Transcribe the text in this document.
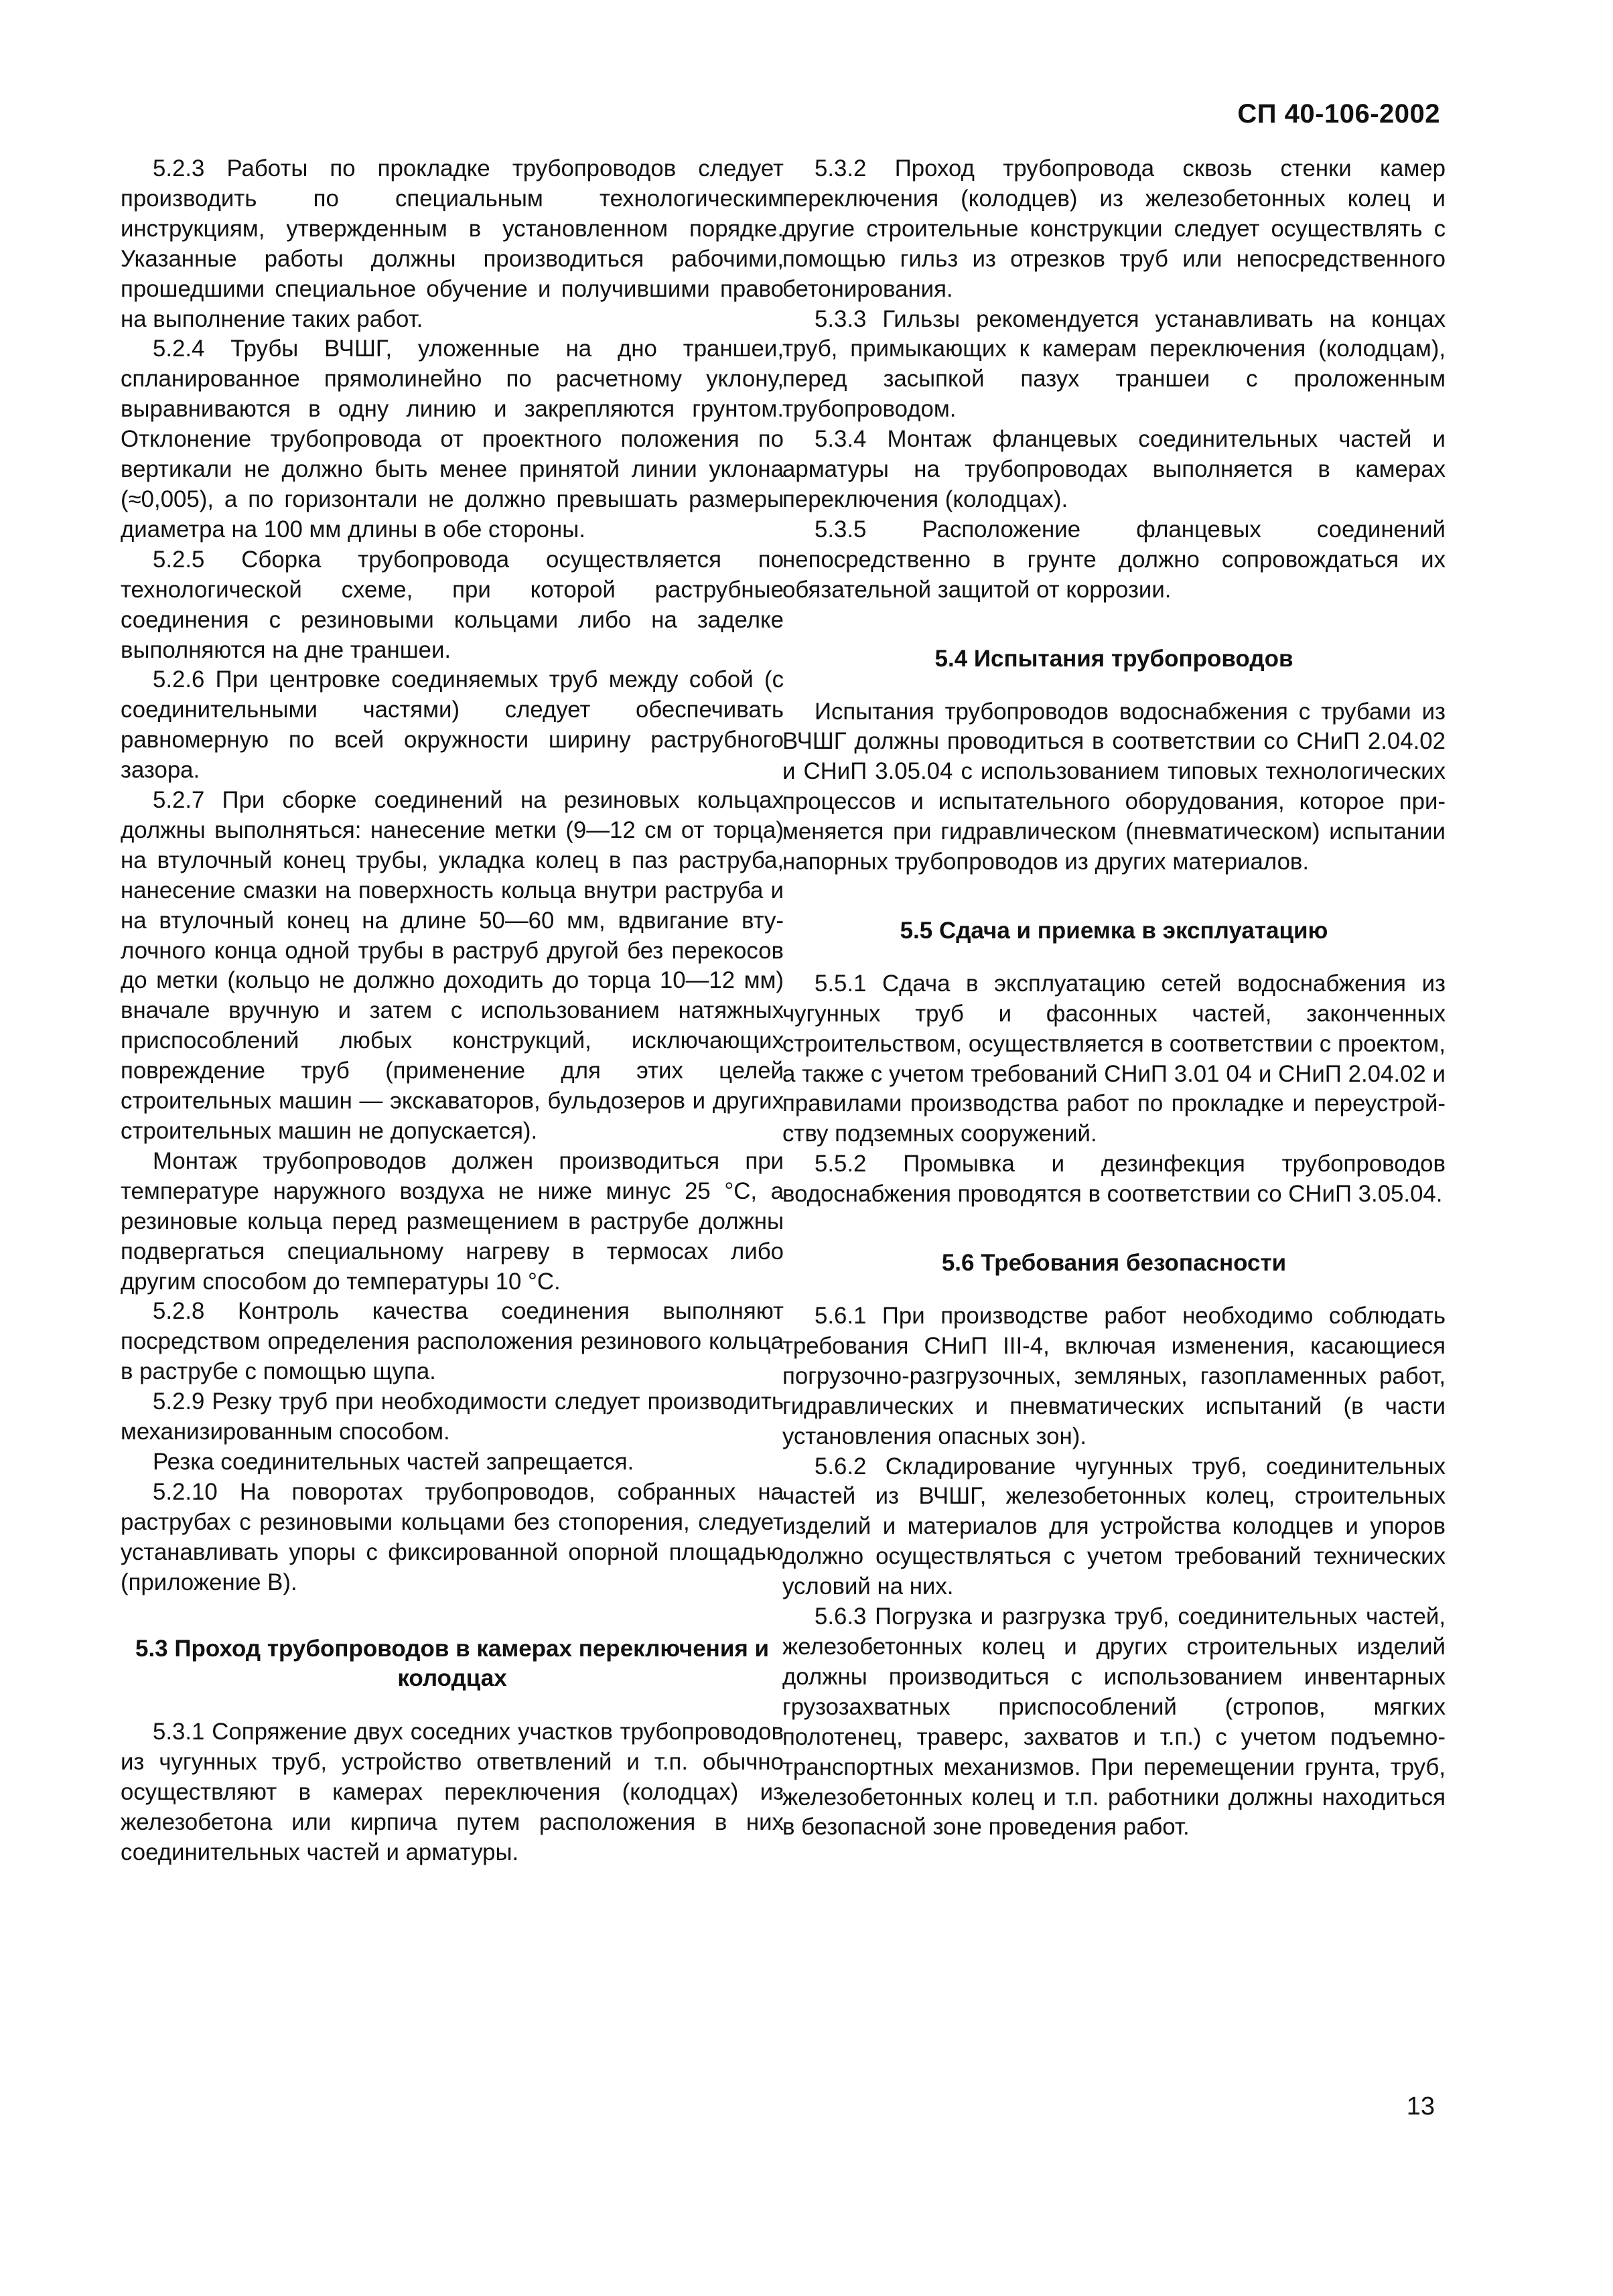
СП 40-106-2002

5.2.3 Работы по прокладке трубопроводов следует производить по специальным технологическим инструкциям, утвержденным в установленном порядке. Указанные работы должны производиться рабочими, прошедшими специальное обучение и получившими право на выполнение таких работ.

5.2.4 Трубы ВЧШГ, уложенные на дно траншеи, спланированное прямолинейно по расчетному уклону, выравниваются в одну линию и закрепляются грунтом. Отклонение трубопровода от проектного положения по вертикали не должно быть менее принятой линии уклона (≈0,005), а по горизонтали не должно превышать размеры диаметра на 100 мм длины в обе стороны.

5.2.5 Сборка трубопровода осуществляется по технологической схеме, при которой раструбные соединения с резиновыми кольцами либо на заделке выполняются на дне траншеи.

5.2.6 При центровке соединяемых труб между собой (с соединительными частями) следует обеспечивать равномерную по всей окружности ширину раструбного зазора.

5.2.7 При сборке соединений на резиновых кольцах должны выполняться: нанесение метки (9—12 см от торца) на втулочный конец трубы, укладка колец в паз раструба, нанесение смазки на поверхность кольца внутри раструба и на втулочный конец на длине 50—60 мм, вдвигание втулочного конца одной трубы в раструб другой без перекосов до метки (кольцо не должно доходить до торца 10—12 мм) вначале вручную и затем с использованием натяжных приспособлений любых конструкций, исключающих повреждение труб (применение для этих целей строительных машин — экскаваторов, бульдозеров и других строительных машин не допускается).

Монтаж трубопроводов должен производиться при температуре наружного воздуха не ниже минус 25 °С, а резиновые кольца перед размещением в раструбе должны подвергаться специальному нагреву в термосах либо другим способом до температуры 10 °С.

5.2.8 Контроль качества соединения выполняют посредством определения расположения резинового кольца в раструбе с помощью щупа.

5.2.9 Резку труб при необходимости следует производить механизированным способом.

Резка соединительных частей запрещается.

5.2.10 На поворотах трубопроводов, собранных на раструбах с резиновыми кольцами без стопорения, следует устанавливать упоры с фиксированной опорной площадью (приложение В).

5.3 Проход трубопроводов в камерах переключения и колодцах

5.3.1 Сопряжение двух соседних участков трубопроводов из чугунных труб, устройство ответвлений и т.п. обычно осуществляют в камерах переключения (колодцах) из железобетона или кирпича путем расположения в них соединительных частей и арматуры.

5.3.2 Проход трубопровода сквозь стенки камер переключения (колодцев) из железобетонных колец и другие строительные конструкции следует осуществлять с помощью гильз из отрезков труб или непосредственного бетонирования.

5.3.3 Гильзы рекомендуется устанавливать на концах труб, примыкающих к камерам переключения (колодцам), перед засыпкой пазух траншеи с проложенным трубопроводом.

5.3.4 Монтаж фланцевых соединительных частей и арматуры на трубопроводах выполняется в камерах переключения (колодцах).

5.3.5 Расположение фланцевых соединений непосредственно в грунте должно сопровождаться их обязательной защитой от коррозии.

5.4 Испытания трубопроводов

Испытания трубопроводов водоснабжения с трубами из ВЧШГ должны проводиться в соответствии со СНиП 2.04.02 и СНиП 3.05.04 с использованием типовых технологических процессов и испытательного оборудования, которое применяется при гидравлическом (пневматическом) испытании напорных трубопроводов из других материалов.

5.5 Сдача и приемка в эксплуатацию

5.5.1 Сдача в эксплуатацию сетей водоснабжения из чугунных труб и фасонных частей, законченных строительством, осуществляется в соответствии с проектом, а также с учетом требований СНиП 3.01 04 и СНиП 2.04.02 и правилами производства работ по прокладке и переустройству подземных сооружений.

5.5.2 Промывка и дезинфекция трубопроводов водоснабжения проводятся в соответствии со СНиП 3.05.04.

5.6 Требования безопасности

5.6.1 При производстве работ необходимо соблюдать требования СНиП III-4, включая изменения, касающиеся погрузочно-разгрузочных, земляных, газопламенных работ, гидравлических и пневматических испытаний (в части установления опасных зон).

5.6.2 Складирование чугунных труб, соединительных частей из ВЧШГ, железобетонных колец, строительных изделий и материалов для устройства колодцев и упоров должно осуществляться с учетом требований технических условий на них.

5.6.3 Погрузка и разгрузка труб, соединительных частей, железобетонных колец и других строительных изделий должны производиться с использованием инвентарных грузозахватных приспособлений (стропов, мягких полотенец, траверс, захватов и т.п.) с учетом подъемно-транспортных механизмов. При перемещении грунта, труб, железобетонных колец и т.п. работники должны находиться в безопасной зоне проведения работ.

13
